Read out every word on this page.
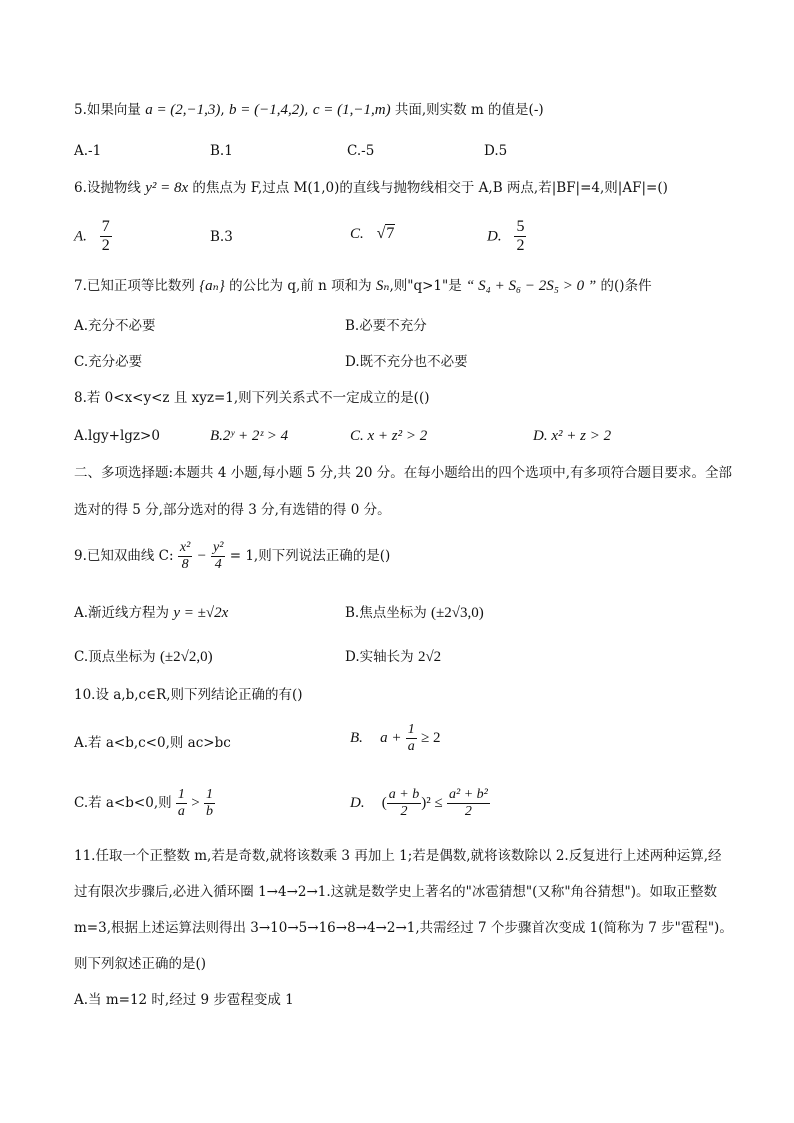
5.如果向量 a = (2,−1,3), b = (−1,4,2), c = (1,−1,m) 共面,则实数 m 的值是(-)
A.-1	B.1	C.-5	D.5
6.设抛物线 y² = 8x 的焦点为 F,过点 M(1,0)的直线与抛物线相交于 A,B 两点,若|BF|=4,则|AF|=()
A. $\frac{7}{2}$	B.3	C. √7	D. $\frac{5}{2}$
7.已知正项等比数列 {aₙ} 的公比为 q,前 n 项和为 Sₙ,则"q>1"是 “ S₄ + S₆ − 2S₅ > 0 ” 的()条件
A.充分不必要	B.必要不充分
C.充分必要	D.既不充分也不必要
8.若 0<x<y<z 且 xyz=1,则下列关系式不一定成立的是(()
A.lgy+lgz>0	B.2ʸ + 2ᶻ > 4	C. x + z² > 2	D. x² + z > 2
二、多项选择题:本题共 4 小题,每小题 5 分,共 20 分。在每小题给出的四个选项中,有多项符合题目要求。全部
选对的得 5 分,部分选对的得 3 分,有选错的得 0 分。
9.已知双曲线 C: $\frac{\text{x²}}{8} - \frac{\text{y²}}{4} = 1$,则下列说法正确的是()
A.渐近线方程为 y = ±√2x	B.焦点坐标为 (±2√3,0)
C.顶点坐标为 (±2√2,0)	D.实轴长为 2√2
10.设 a,b,c∈R,则下列结论正确的有()
A.若 a<b,c<0,则 ac>bc	B. $a + \frac{1}{a} \ge 2$
C.若 a<b<0,则 $\frac{1}{a} > \frac{1}{b}$	D. ( $\frac{a + b}{2} )^2 \le \frac{\text{a² + b²}}{2}$
11.任取一个正整数 m,若是奇数,就将该数乘 3 再加上 1;若是偶数,就将该数除以 2.反复进行上述两种运算,经
过有限次步骤后,必进入循环圈 1→4→2→1.这就是数学史上著名的"冰雹猜想"(又称"角谷猜想")。如取正整数
m=3,根据上述运算法则得出 3→10→5→16→8→4→2→1,共需经过 7 个步骤首次变成 1(简称为 7 步"雹程")。
则下列叙述正确的是()
A.当 m=12 时,经过 9 步雹程变成 1
